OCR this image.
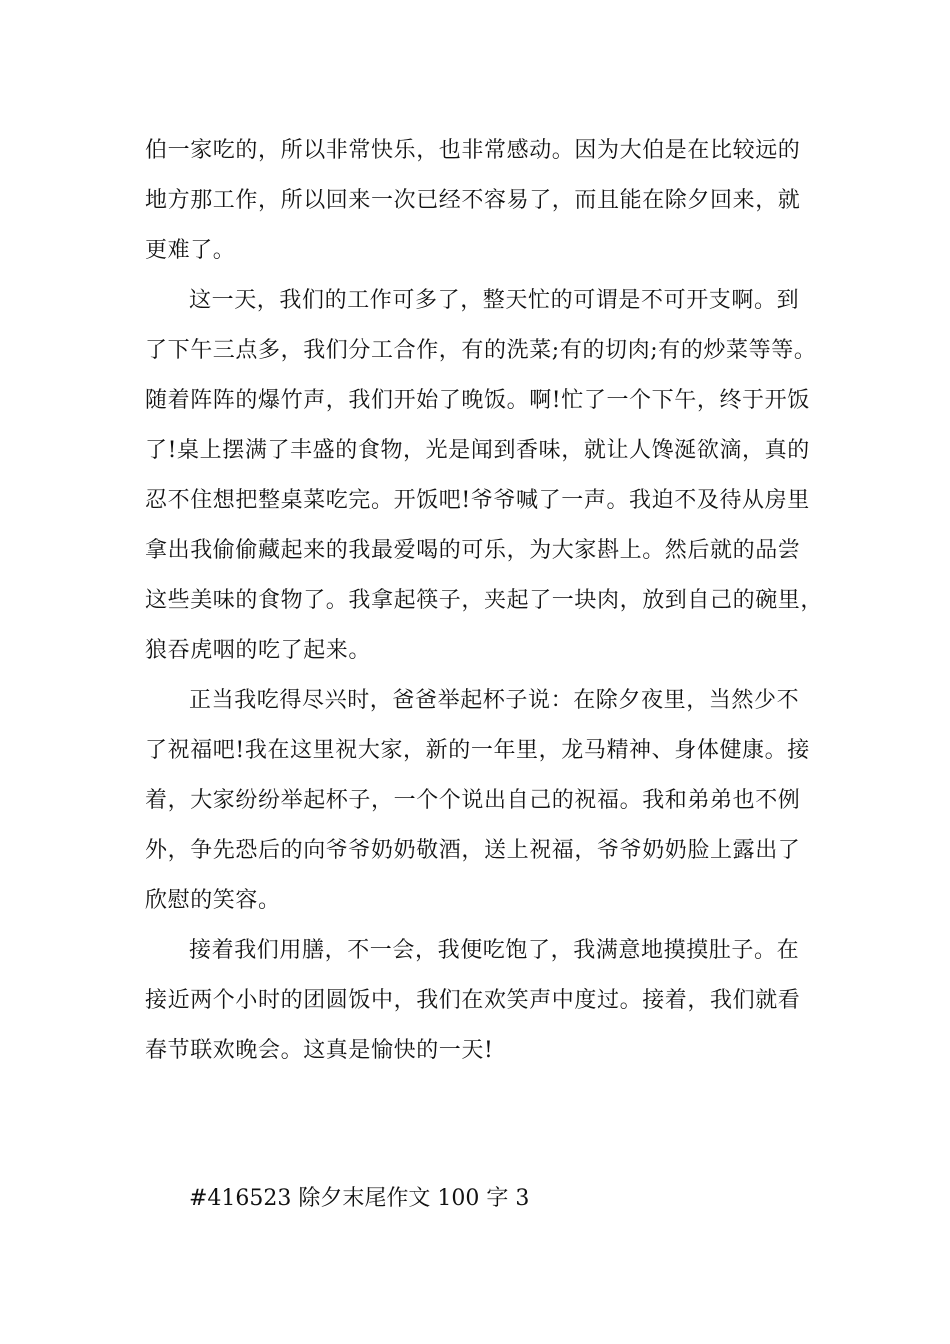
伯一家吃的，所以非常快乐，也非常感动。因为大伯是在比较远的
地方那工作，所以回来一次已经不容易了，而且能在除夕回来，就
更难了。
这一天，我们的工作可多了，整天忙的可谓是不可开支啊。到
了下午三点多，我们分工合作，有的洗菜;有的切肉;有的炒菜等等。
随着阵阵的爆竹声，我们开始了晚饭。啊!忙了一个下午，终于开饭
了!桌上摆满了丰盛的食物，光是闻到香味，就让人馋涎欲滴，真的
忍不住想把整桌菜吃完。开饭吧!爷爷喊了一声。我迫不及待从房里
拿出我偷偷藏起来的我最爱喝的可乐，为大家斟上。然后就的品尝
这些美味的食物了。我拿起筷子，夹起了一块肉，放到自己的碗里，
狼吞虎咽的吃了起来。
正当我吃得尽兴时，爸爸举起杯子说：在除夕夜里，当然少不
了祝福吧!我在这里祝大家，新的一年里，龙马精神、身体健康。接
着，大家纷纷举起杯子，一个个说出自己的祝福。我和弟弟也不例
外，争先恐后的向爷爷奶奶敬酒，送上祝福，爷爷奶奶脸上露出了
欣慰的笑容。
接着我们用膳，不一会，我便吃饱了，我满意地摸摸肚子。在
接近两个小时的团圆饭中，我们在欢笑声中度过。接着，我们就看
春节联欢晚会。这真是愉快的一天!
#416523 除夕末尾作文 100 字 3
